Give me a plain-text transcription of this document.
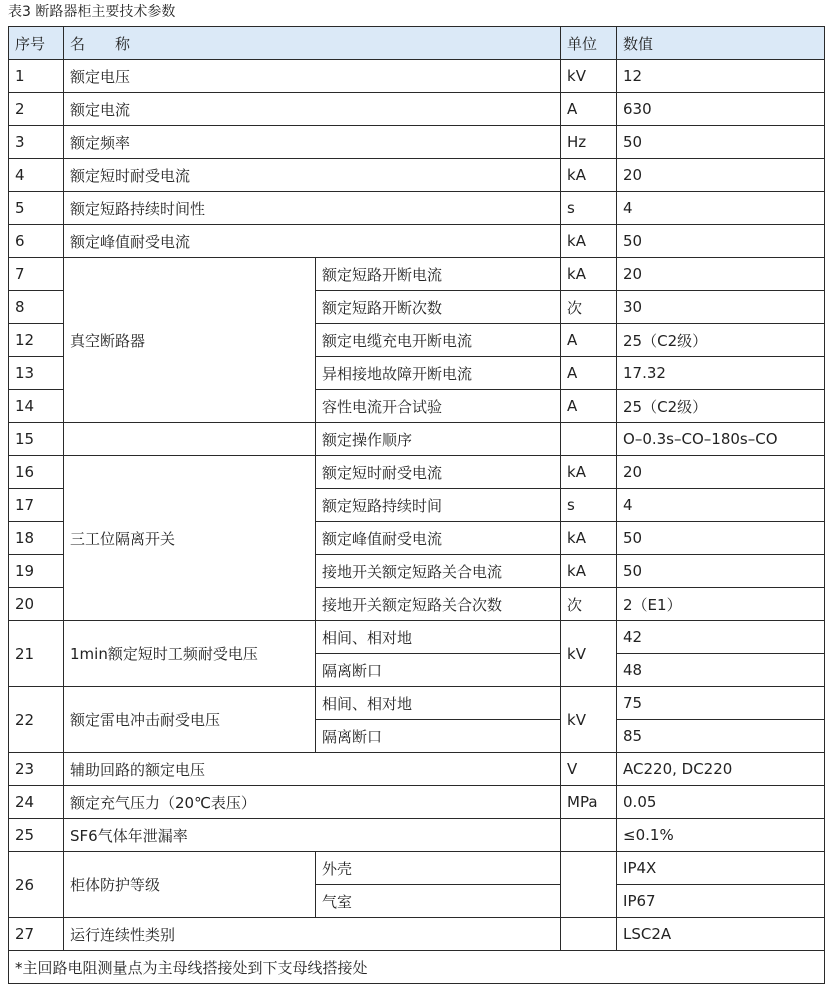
表3 断路器柜主要技术参数
序号	名　　称		单位	数值
1	额定电压		kV	12
2	额定电流		A	630
3	额定频率		Hz	50
4	额定短时耐受电流		kA	20
5	额定短路持续时间性		s	4
6	额定峰值耐受电流		kA	50
7	真空断路器	额定短路开断电流	kA	20
8		额定短路开断次数	次	30
12		额定电缆充电开断电流	A	25（C2级）
13		异相接地故障开断电流	A	17.32
14		容性电流开合试验	A	25（C2级）
15		额定操作顺序		O–0.3s–CO–180s–CO
16	三工位隔离开关	额定短时耐受电流	kA	20
17		额定短路持续时间	s	4
18		额定峰值耐受电流	kA	50
19		接地开关额定短路关合电流	kA	50
20		接地开关额定短路关合次数	次	2（E1）
21	1min额定短时工频耐受电压	相间、相对地	kV	42
		隔离断口		48
22	额定雷电冲击耐受电压	相间、相对地	kV	75
		隔离断口		85
23	辅助回路的额定电压		V	AC220, DC220
24	额定充气压力（20℃表压）		MPa	0.05
25	SF6气体年泄漏率			≤0.1%
26	柜体防护等级	外壳		IP4X
		气室		IP67
27	运行连续性类别			LSC2A
*主回路电阻测量点为主母线搭接处到下支母线搭接处				
